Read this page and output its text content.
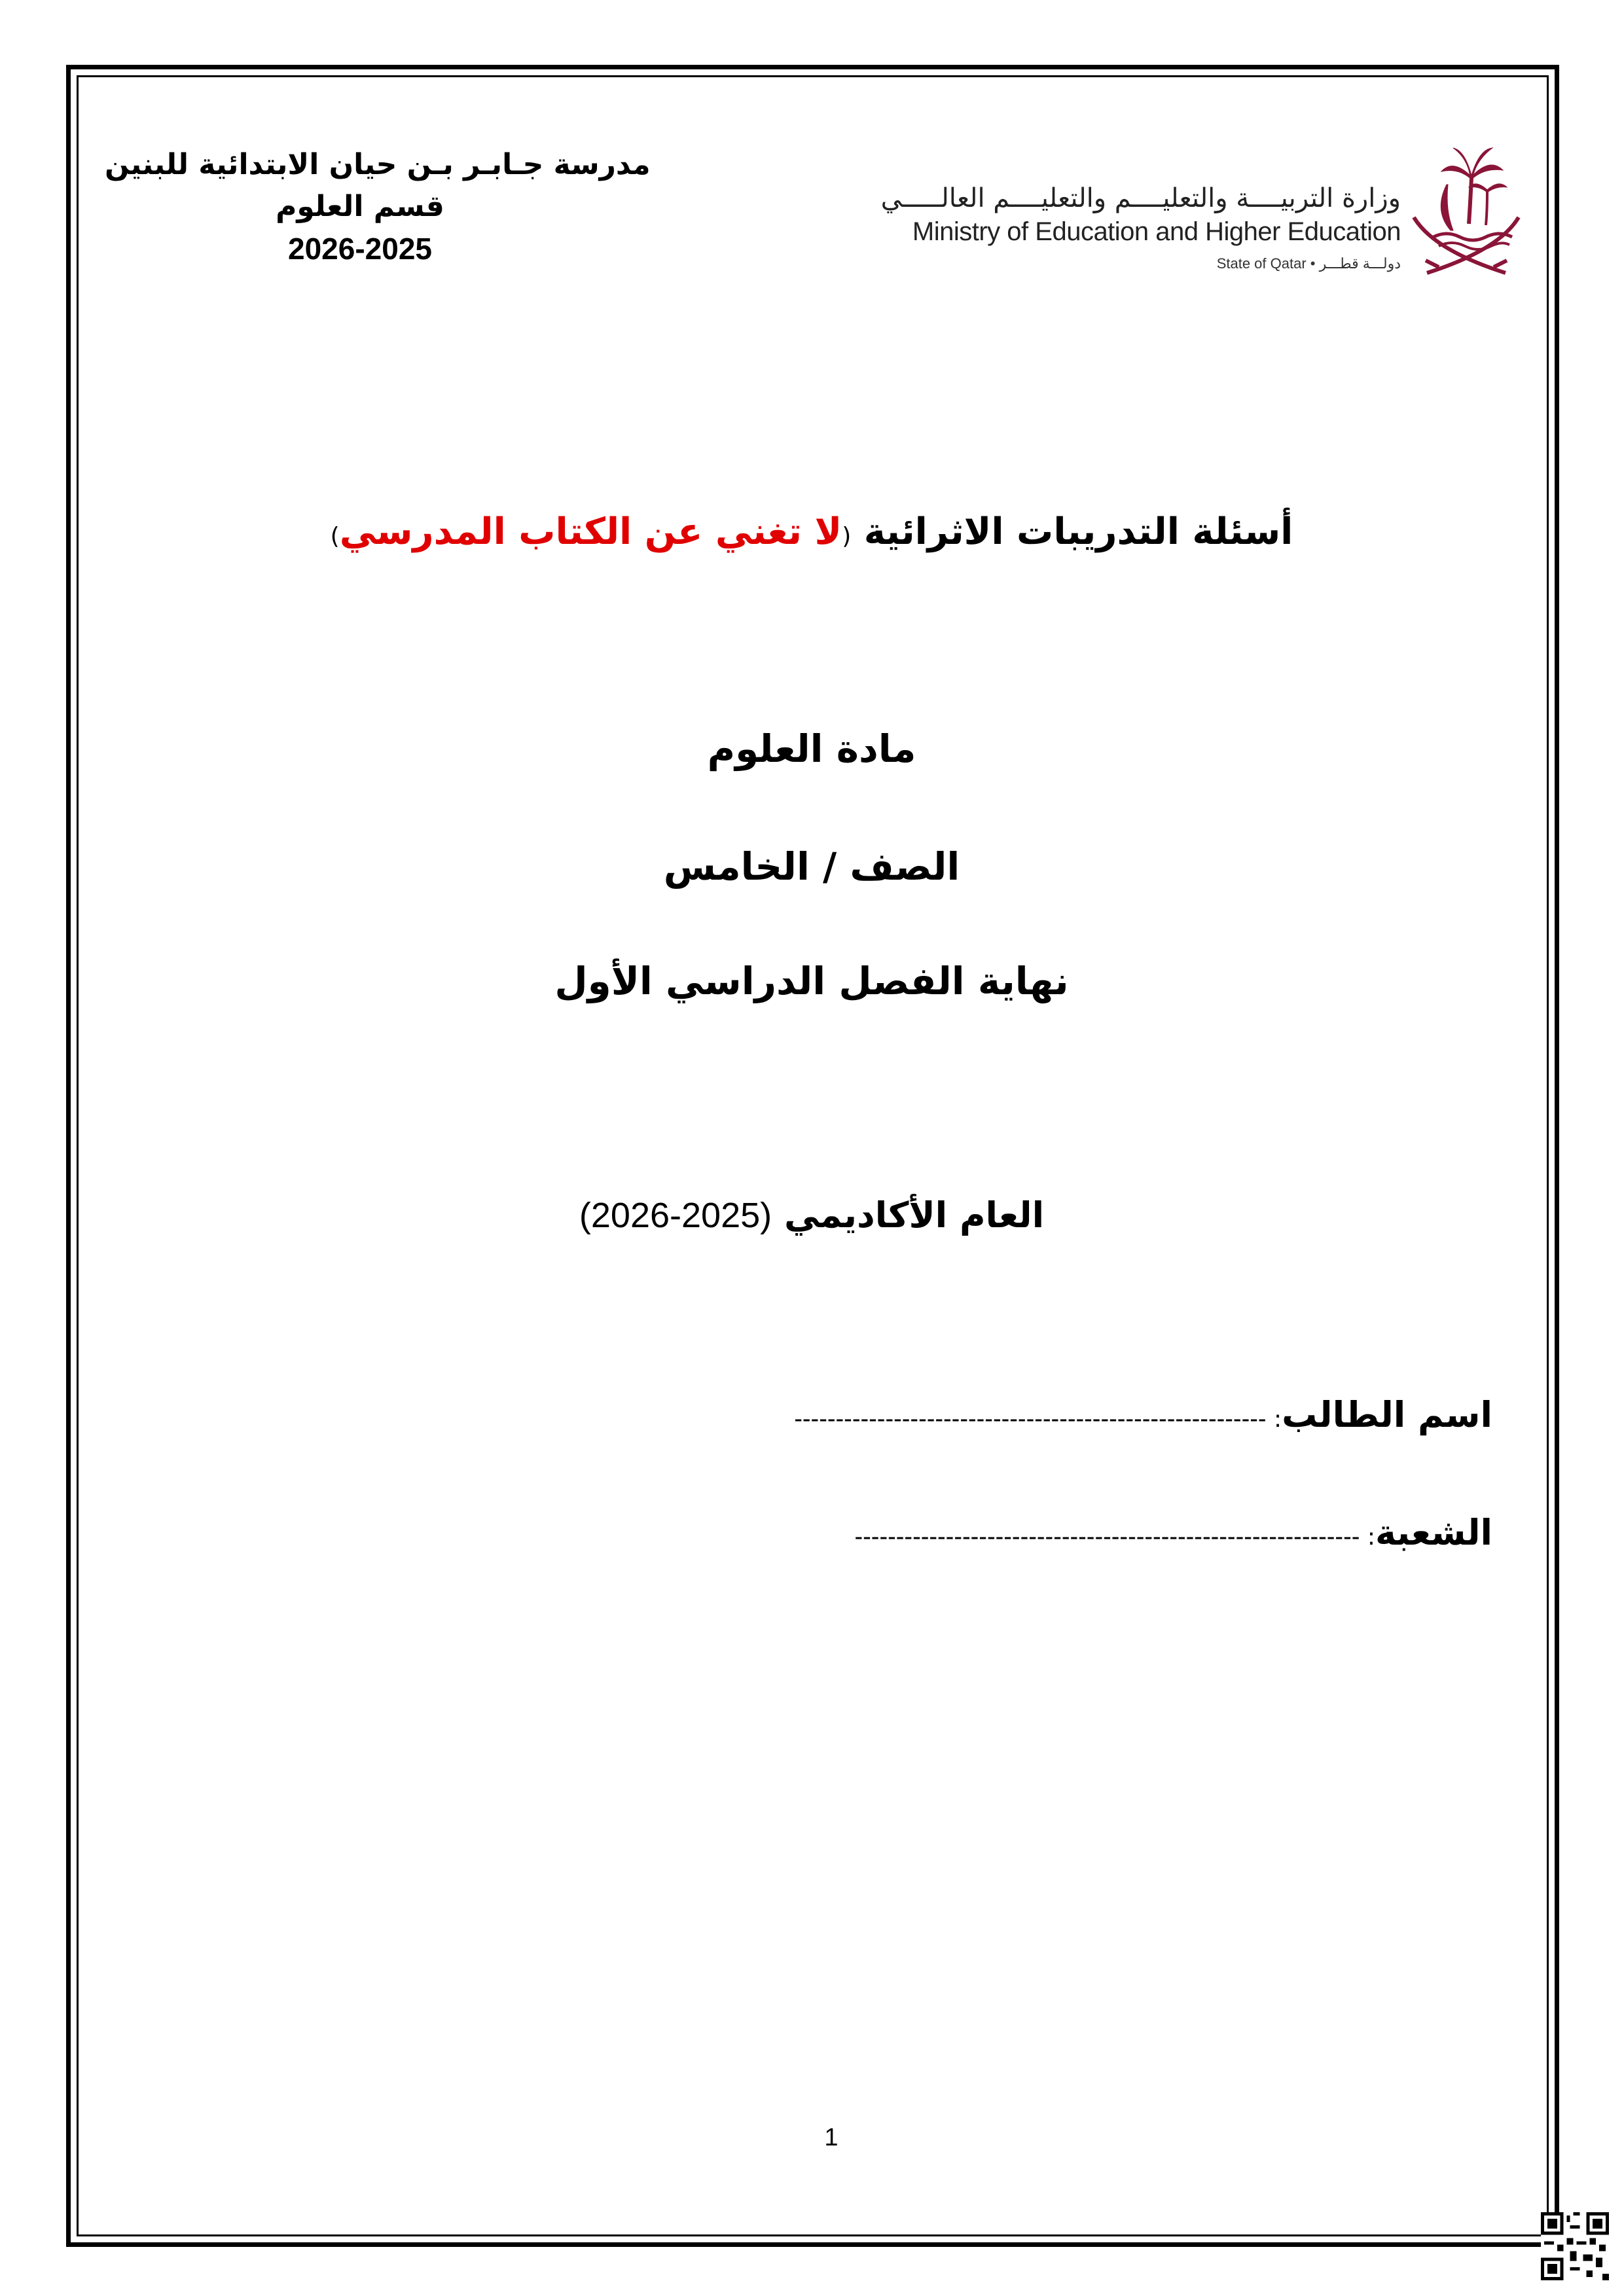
مدرسة جـابـر بـن حيان الابتدائية للبنين
قسم العلوم
2026-2025
وزارة التربيــــة والتعليــــم والتعليــــم العالـــــي
Ministry of Education and Higher Education
State of Qatar • دولـــة قطـــر
أسئلة التدريبات الاثرائية (لا تغني عن الكتاب المدرسي)
مادة العلوم
الصف / الخامس
نهاية الفصل الدراسي الأول
العام الأكاديمي (2025-2026)
اسم الطالب: ---------------------------------------------------------
الشعبة: -------------------------------------------------------------
1
